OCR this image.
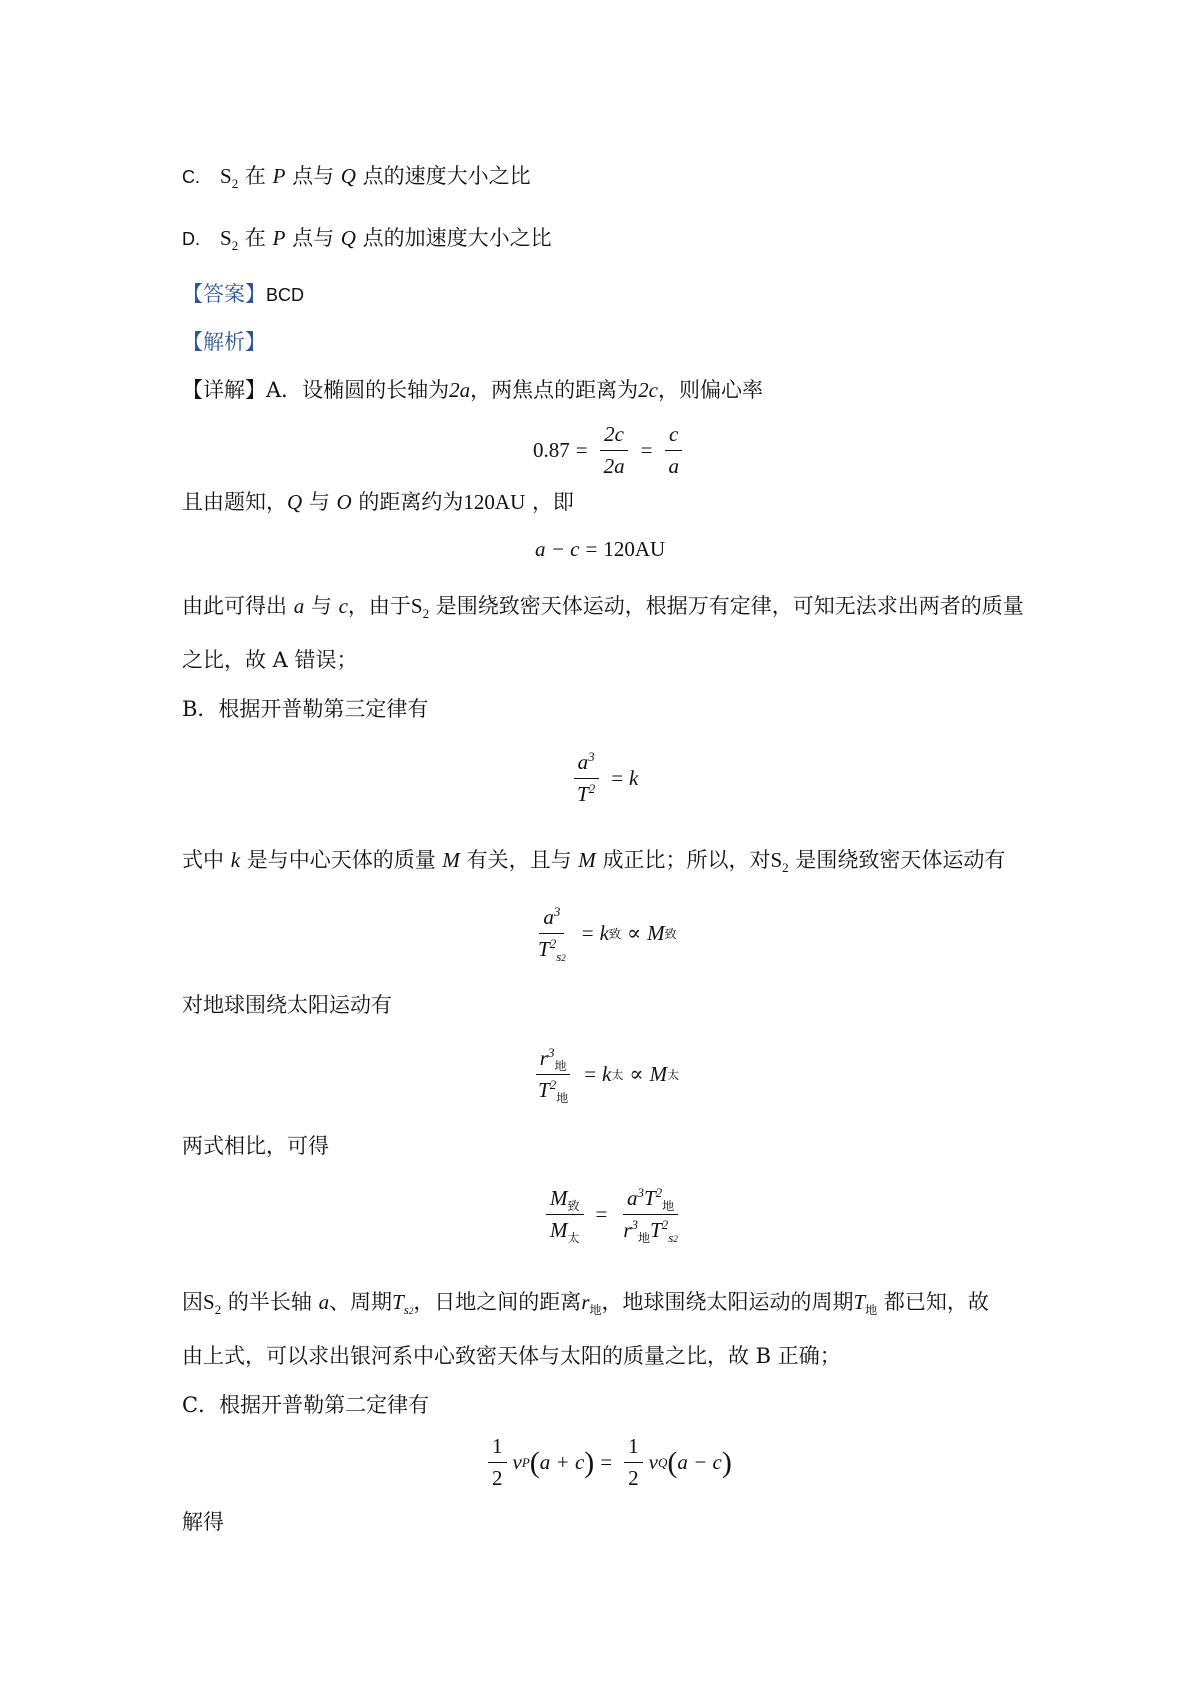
C. $S_2$ 在 P 点与 Q 点的速度大小之比
D. $S_2$ 在 P 点与 Q 点的加速度大小之比
【答案】BCD
【解析】
【详解】A．设椭圆的长轴为2a，两焦点的距离为2c，则偏心率
$0.87 = \frac{2c}{2a} = \frac{c}{a}$
且由题知，Q 与 O 的距离约为120AU ，即
a − c = 120AU
由此可得出 a 与 c，由于$S_2$ 是围绕致密天体运动，根据万有定律，可知无法求出两者的质量
之比，故 A 错误；
B．根据开普勒第三定律有
$\frac{a^3}{T^2} = k$
式中 k 是与中心天体的质量 M 有关，且与 M 成正比；所以，对$S_2$ 是围绕致密天体运动有
$\frac{a^3}{T^2_{s2}} = k$ 致 ∝ M 致
对地球围绕太阳运动有
$\frac{r^3_地}{T^2_地} = k$ 太 ∝ M 太
两式相比，可得
$\frac{M_致}{M_太} = \frac{a^3T^2_地}{r^3_地T^2_{s2}}$
因$S_2$ 的半长轴 a、周期$T_{s2}$，日地之间的距离$r_地$，地球围绕太阳运动的周期$T_地$ 都已知，故
由上式，可以求出银河系中心致密天体与太阳的质量之比，故 B 正确；
C．根据开普勒第二定律有
$\frac{1}{2}$ v P ( a + c ) = $\frac{1}{2}$ v Q ( a − c )
解得
